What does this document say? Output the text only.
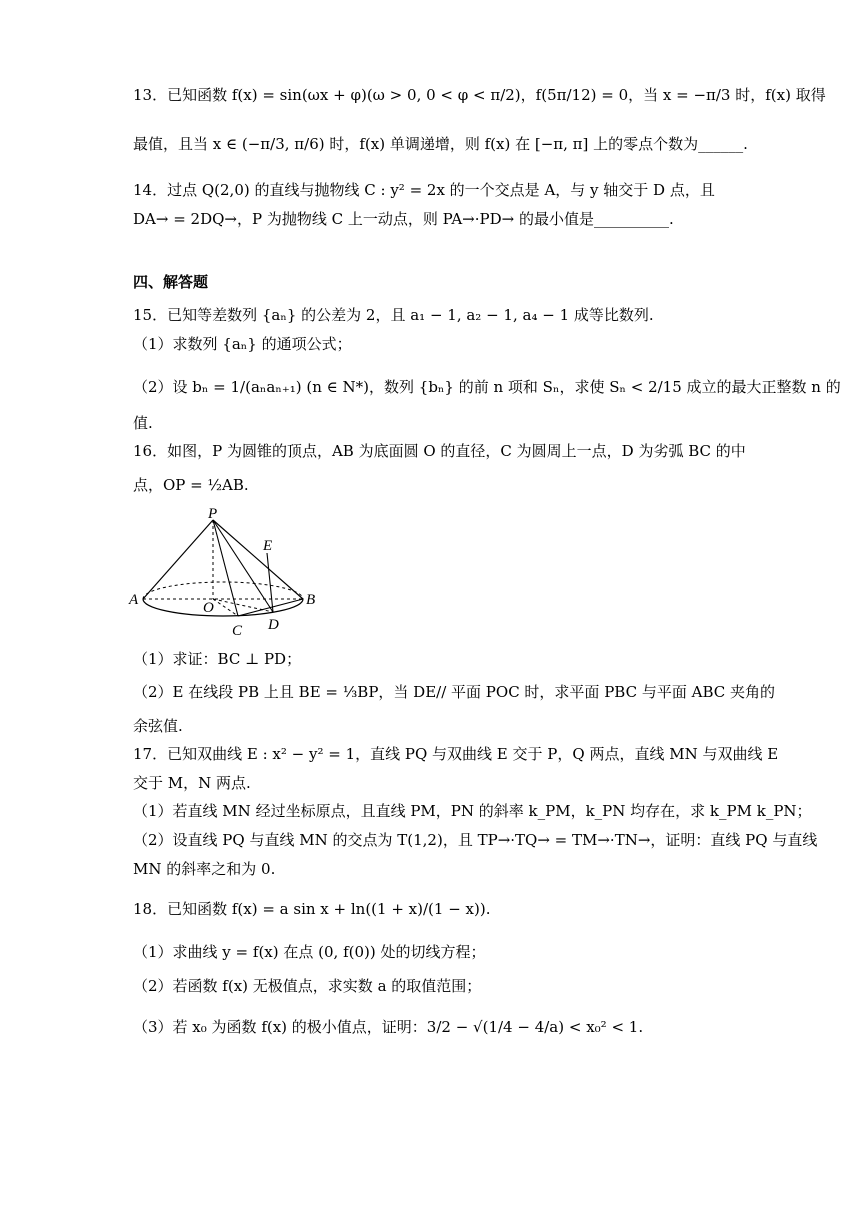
13．已知函数 f(x) = sin(ωx + φ)(ω > 0, 0 < φ < π/2)，f(5π/12) = 0，当 x = −π/3 时，f(x) 取得
最值，且当 x ∈ (−π/3, π/6) 时，f(x) 单调递增，则 f(x) 在 [−π, π] 上的零点个数为______.
14．过点 Q(2,0) 的直线与抛物线 C : y² = 2x 的一个交点是 A，与 y 轴交于 D 点，且
DA→ = 2DQ→，P 为抛物线 C 上一动点，则 PA→·PD→ 的最小值是__________.
四、解答题
15．已知等差数列 {aₙ} 的公差为 2，且 a₁ − 1, a₂ − 1, a₄ − 1 成等比数列.
（1）求数列 {aₙ} 的通项公式；
（2）设 bₙ = 1/(aₙaₙ₊₁) (n ∈ N*)，数列 {bₙ} 的前 n 项和 Sₙ，求使 Sₙ < 2/15 成立的最大正整数 n 的
值.
16．如图，P 为圆锥的顶点，AB 为底面圆 O 的直径，C 为圆周上一点，D 为劣弧 BC 的中
点，OP = ½AB.
P
E
A	O	B
C D
（1）求证：BC ⊥ PD；
（2）E 在线段 PB 上且 BE = ⅓BP，当 DE// 平面 POC 时，求平面 PBC 与平面 ABC 夹角的
余弦值.
17．已知双曲线 E : x² − y² = 1，直线 PQ 与双曲线 E 交于 P，Q 两点，直线 MN 与双曲线 E
交于 M，N 两点.
（1）若直线 MN 经过坐标原点，且直线 PM，PN 的斜率 k_PM，k_PN 均存在，求 k_PM k_PN；
（2）设直线 PQ 与直线 MN 的交点为 T(1,2)，且 TP→·TQ→ = TM→·TN→，证明：直线 PQ 与直线
MN 的斜率之和为 0.
18．已知函数 f(x) = a sin x + ln((1 + x)/(1 − x)).
（1）求曲线 y = f(x) 在点 (0, f(0)) 处的切线方程；
（2）若函数 f(x) 无极值点，求实数 a 的取值范围；
（3）若 x₀ 为函数 f(x) 的极小值点，证明：3/2 − √(1/4 − 4/a) < x₀² < 1.
